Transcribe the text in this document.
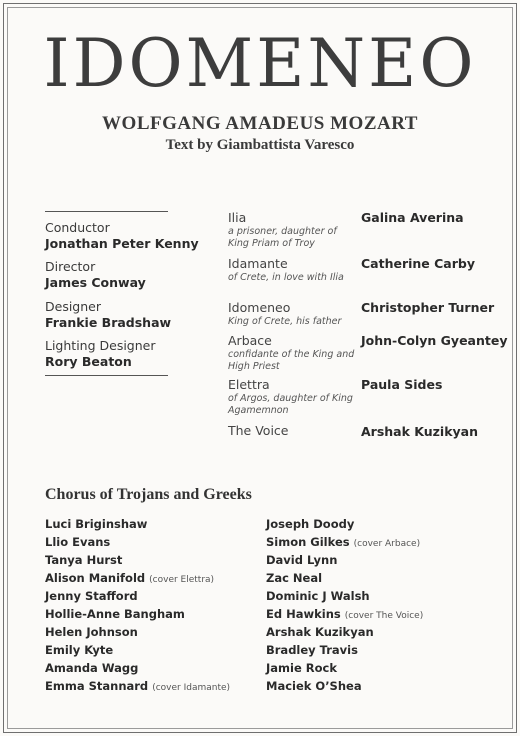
IDOMENEO
WOLFGANG AMADEUS MOZART
Text by Giambattista Varesco
Conductor
Jonathan Peter Kenny
Director
James Conway
Designer
Frankie Bradshaw
Lighting Designer
Rory Beaton
Ilia
a prisoner, daughter of King Priam of Troy
Galina Averina
Idamante
of Crete, in love with Ilia
Catherine Carby
Idomeneo
King of Crete, his father
Christopher Turner
Arbace
confidante of the King and High Priest
John-Colyn Gyeantey
Elettra
of Argos, daughter of King Agamemnon
Paula Sides
The Voice	Arshak Kuzikyan
Chorus of Trojans and Greeks
Luci Briginshaw
Llio Evans
Tanya Hurst
Alison Manifold (cover Elettra)
Jenny Stafford
Hollie-Anne Bangham
Helen Johnson
Emily Kyte
Amanda Wagg
Emma Stannard (cover Idamante)
Joseph Doody
Simon Gilkes (cover Arbace)
David Lynn
Zac Neal
Dominic J Walsh
Ed Hawkins (cover The Voice)
Arshak Kuzikyan
Bradley Travis
Jamie Rock
Maciek O’Shea
